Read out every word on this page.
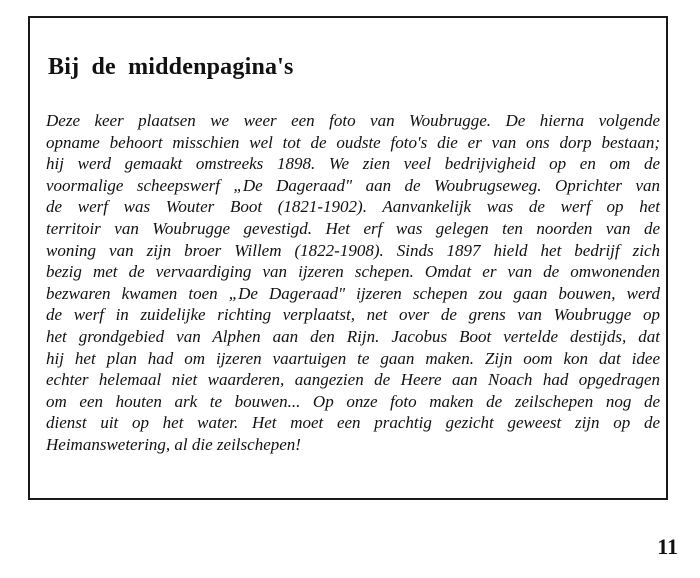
Bij de middenpagina's
Deze keer plaatsen we weer een foto van Woubrugge. De hierna volgende
opname behoort misschien wel tot de oudste foto's die er van ons dorp bestaan;
hij werd gemaakt omstreeks 1898. We zien veel bedrijvigheid op en om de
voormalige scheepswerf „De Dageraad" aan de Woubrugseweg. Oprichter van
de werf was Wouter Boot (1821-1902). Aanvankelijk was de werf op het
territoir van Woubrugge gevestigd. Het erf was gelegen ten noorden van de
woning van zijn broer Willem (1822-1908). Sinds 1897 hield het bedrijf zich
bezig met de vervaardiging van ijzeren schepen. Omdat er van de omwonenden
bezwaren kwamen toen „De Dageraad" ijzeren schepen zou gaan bouwen, werd
de werf in zuidelijke richting verplaatst, net over de grens van Woubrugge op
het grondgebied van Alphen aan den Rijn. Jacobus Boot vertelde destijds, dat
hij het plan had om ijzeren vaartuigen te gaan maken. Zijn oom kon dat idee
echter helemaal niet waarderen, aangezien de Heere aan Noach had opgedragen
om een houten ark te bouwen... Op onze foto maken de zeilschepen nog de
dienst uit op het water. Het moet een prachtig gezicht geweest zijn op de
Heimanswetering, al die zeilschepen!
11
